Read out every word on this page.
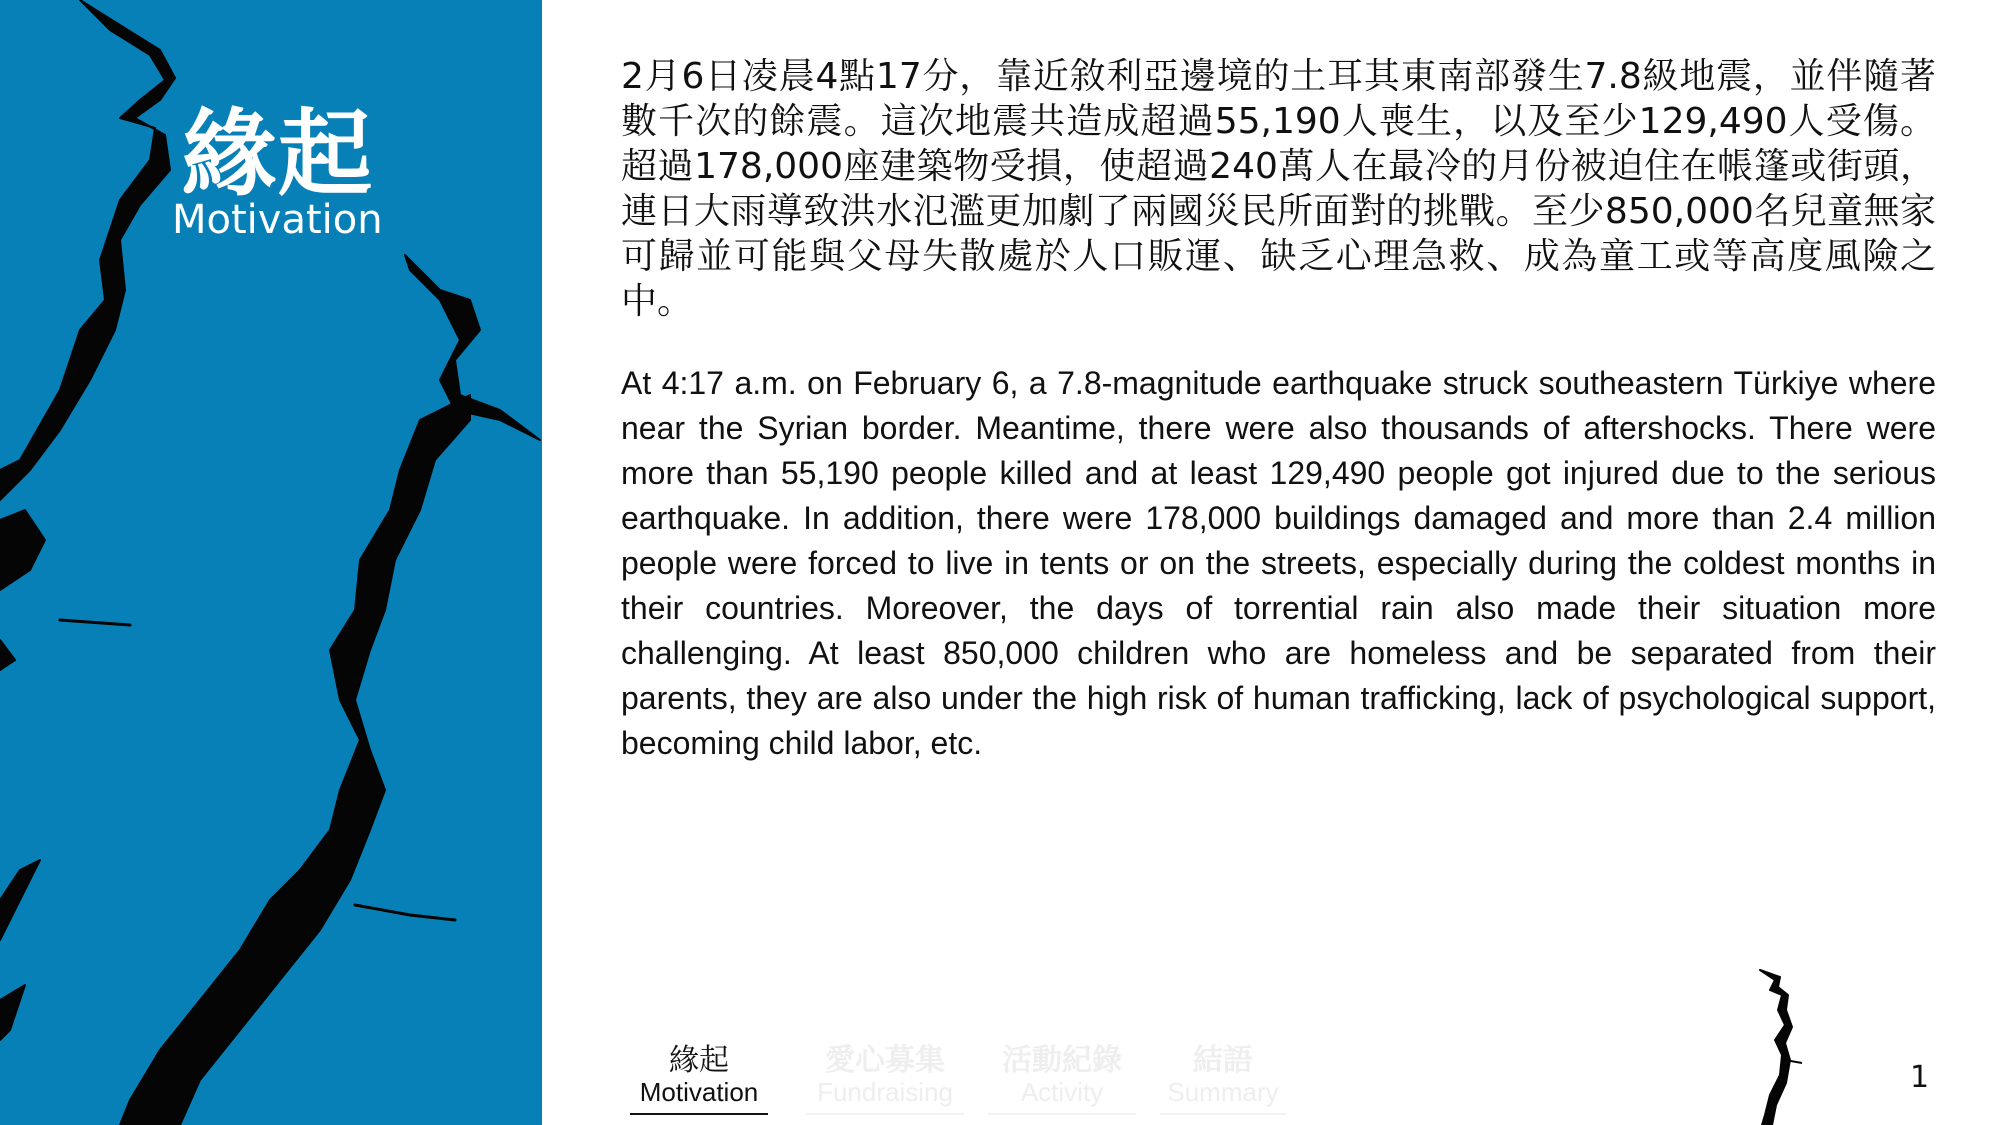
緣起
Motivation

2月6日凌晨4點17分，靠近敘利亞邊境的土耳其東南部發生7.8級地震，並伴隨著數千次的餘震。這次地震共造成超過55,190人喪生，以及至少129,490人受傷。超過178,000座建築物受損，使超過240萬人在最冷的月份被迫住在帳篷或街頭，連日大雨導致洪水氾濫更加劇了兩國災民所面對的挑戰。至少850,000名兒童無家可歸並可能與父母失散處於人口販運、缺乏心理急救、成為童工或等高度風險之中。

At 4:17 a.m. on February 6, a 7.8-magnitude earthquake struck southeastern Türkiye where near the Syrian border. Meantime, there were also thousands of aftershocks. There were more than 55,190 people killed and at least 129,490 people got injured due to the serious earthquake. In addition, there were 178,000 buildings damaged and more than 2.4 million people were forced to live in tents or on the streets, especially during the coldest months in their countries. Moreover, the days of torrential rain also made their situation more challenging. At least 850,000 children who are homeless and be separated from their parents, they are also under the high risk of human trafficking, lack of psychological support, becoming child labor, etc.

緣起
Motivation
愛心募集
Fundraising
活動紀錄
Activity
結語
Summary	1
